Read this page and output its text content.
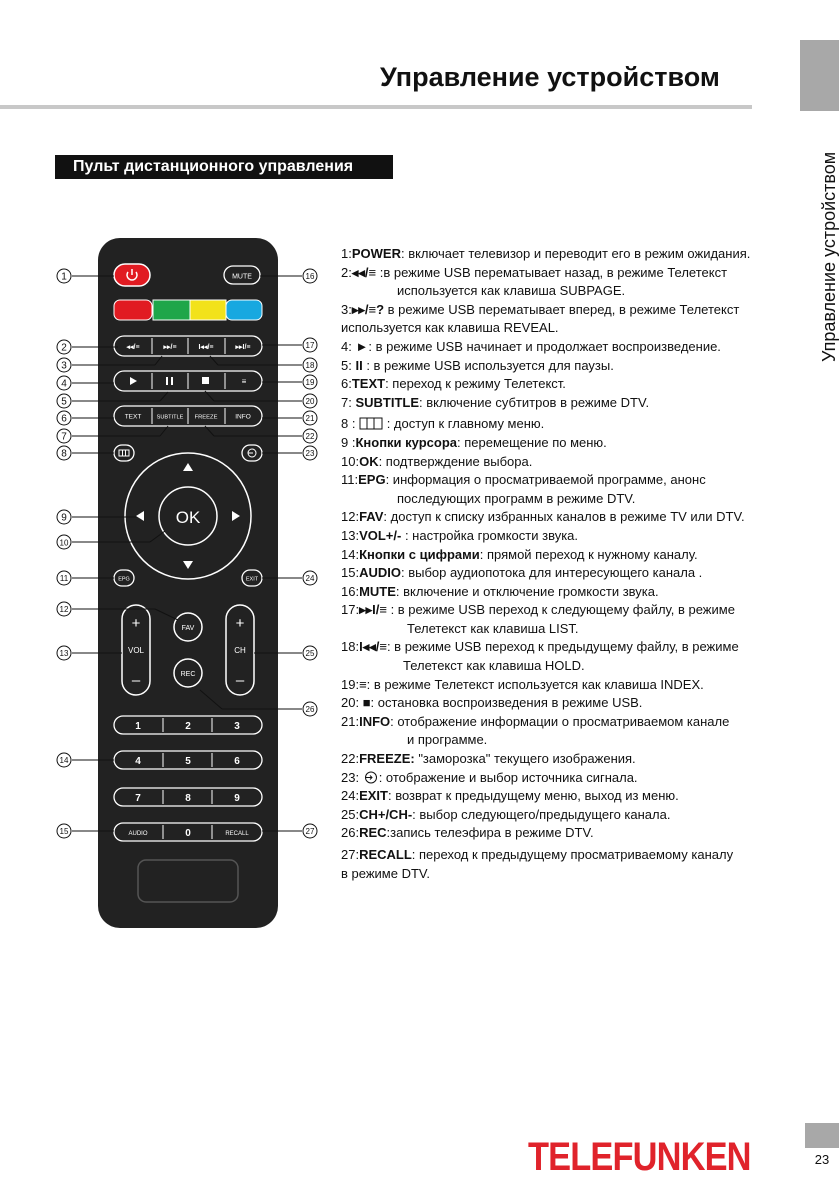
Управление устройством
Управление устройством
Пульт дистанционного управления
MUTE
◂◂/≡	▸▸/≡	I◂◂/≡	▸▸I/≡
≡
TEXT	SUBTITLE FREEZE	INFO
OK
EPG	EXIT
+
VOL
–
+
CH
–
FAV
REC
1	2	3
4	5	6
7	8	9
0
AUDIO	RECALL
1
2
3
4
5
6
7
8
9
10
11
12
13
14
15
16
17
18
19
20
21
22
23
24
25
26
27
1:POWER: включает телевизор и переводит его в режим ожидания.
2:◂◂/≡ :в режиме USB перематывает назад, в режиме Телетекст
используется как клавиша SUBPAGE.
3:▸▸/≡? в режиме USB перематывает вперед, в режиме Телетекст
используется как клавиша REVEAL.
4: ►: в режиме USB начинает и продолжает воспроизведение.
5: II : в режиме USB используется для паузы.
6:TEXT: переход к режиму Телетекст.
7: SUBTITLE: включение субтитров в режиме DTV.
8 :  : доступ к главному меню.
9 :Кнопки курсора: перемещение по меню.
10:OK: подтверждение выбора.
11:EPG: информация о просматриваемой программе, анонс
последующих программ в режиме DTV.
12:FAV: доступ к списку избранных каналов в режиме TV или DTV.
13:VOL+/- : настройка громкости звука.
14:Кнопки с цифрами: прямой переход к нужному каналу.
15:AUDIO: выбор аудиопотока для интересующего канала .
16:MUTE: включение и отключение громкости звука.
17:▸▸I/≡ : в режиме USB переход к следующему файлу, в режиме
Телетекст как клавиша LIST.
18:I◂◂/≡: в режиме USB переход к предыдущему файлу, в режиме
Телетекст как клавиша HOLD.
19:≡: в режиме Телетекст используется как клавиша INDEX.
20: ■: остановка воспроизведения в режиме USB.
21:INFO: отображение информации о просматриваемом канале
и программе.
22:FREEZE: "заморозка" текущего изображения.
23: : отображение и выбор источника сигнала.
24:EXIT: возврат к предыдущему меню, выход из меню.
25:CH+/CH-: выбор следующего/предыдущего канала.
26:REC:запись телеэфира в режиме DTV.
27:RECALL: переход к предыдущему просматриваемому каналу
в режиме DTV.
TELEFUNKEN	23
